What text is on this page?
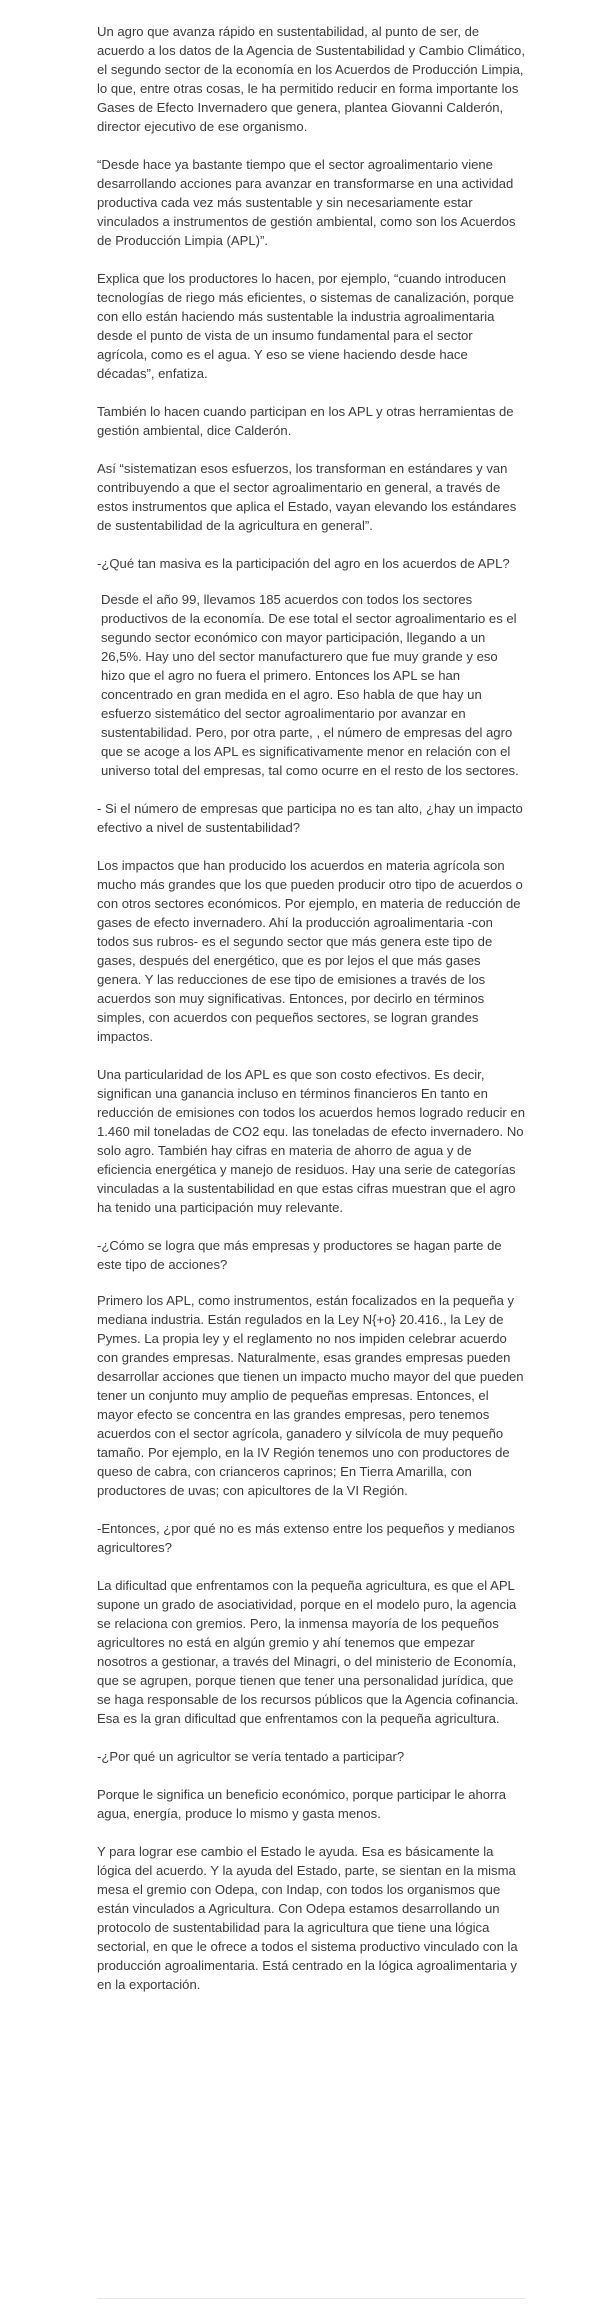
Un agro que avanza rápido en sustentabilidad, al punto de ser, de acuerdo a los datos de la Agencia de Sustentabilidad y Cambio Climático, el segundo sector de la economía en los Acuerdos de Producción Limpia, lo que, entre otras cosas, le ha permitido reducir en forma importante los Gases de Efecto Invernadero que genera, plantea Giovanni Calderón, director ejecutivo de ese organismo.

“Desde hace ya bastante tiempo que el sector agroalimentario viene desarrollando acciones para avanzar en transformarse en una actividad productiva cada vez más sustentable y sin necesariamente estar vinculados a instrumentos de gestión ambiental, como son los Acuerdos de Producción Limpia (APL)”.

Explica que los productores lo hacen, por ejemplo, “cuando introducen tecnologías de riego más eficientes, o sistemas de canalización, porque con ello están haciendo más sustentable la industria agroalimentaria desde el punto de vista de un insumo fundamental para el sector agrícola, como es el agua. Y eso se viene haciendo desde hace décadas”, enfatiza.

También lo hacen cuando participan en los APL y otras herramientas de gestión ambiental, dice Calderón.

Así “sistematizan esos esfuerzos, los transforman en estándares y van contribuyendo a que el sector agroalimentario en general, a través de estos instrumentos que aplica el Estado, vayan elevando los estándares de sustentabilidad de la agricultura en general”.

-¿Qué tan masiva es la participación del agro en los acuerdos de APL?

Desde el año 99, llevamos 185 acuerdos con todos los sectores productivos de la economía. De ese total el sector agroalimentario es el segundo sector económico con mayor participación, llegando a un 26,5%. Hay uno del sector manufacturero que fue muy grande y eso hizo que el agro no fuera el primero. Entonces los APL se han concentrado en gran medida en el agro. Eso habla de que hay un esfuerzo sistemático del sector agroalimentario por avanzar en sustentabilidad. Pero, por otra parte, , el número de empresas del agro que se acoge a los APL es significativamente menor en relación con el universo total del empresas, tal como ocurre en el resto de los sectores.

- Si el número de empresas que participa no es tan alto, ¿hay un impacto efectivo a nivel de sustentabilidad?

Los impactos que han producido los acuerdos en materia agrícola son mucho más grandes que los que pueden producir otro tipo de acuerdos o con otros sectores económicos. Por ejemplo, en materia de reducción de gases de efecto invernadero. Ahí la producción agroalimentaria -con todos sus rubros- es el segundo sector que más genera este tipo de gases, después del energético, que es por lejos el que más gases genera. Y las reducciones de ese tipo de emisiones a través de los acuerdos son muy significativas. Entonces, por decirlo en términos simples, con acuerdos con pequeños sectores, se logran grandes impactos.

Una particularidad de los APL es que son costo efectivos. Es decir, significan una ganancia incluso en términos financieros En tanto en reducción de emisiones con todos los acuerdos hemos logrado reducir en 1.460 mil toneladas de CO2 equ. las toneladas de efecto invernadero. No solo agro. También hay cifras en materia de ahorro de agua y de eficiencia energética y manejo de residuos. Hay una serie de categorías vinculadas a la sustentabilidad en que estas cifras muestran que el agro ha tenido una participación muy relevante.

-¿Cómo se logra que más empresas y productores se hagan parte de este tipo de acciones?

Primero los APL, como instrumentos, están focalizados en la pequeña y mediana industria. Están regulados en la Ley N{+o} 20.416., la Ley de Pymes. La propia ley y el reglamento no nos impiden celebrar acuerdo con grandes empresas. Naturalmente, esas grandes empresas pueden desarrollar acciones que tienen un impacto mucho mayor del que pueden tener un conjunto muy amplio de pequeñas empresas. Entonces, el mayor efecto se concentra en las grandes empresas, pero tenemos acuerdos con el sector agrícola, ganadero y silvícola de muy pequeño tamaño. Por ejemplo, en la IV Región tenemos uno con productores de queso de cabra, con crianceros caprinos; En Tierra Amarilla, con productores de uvas; con apicultores de la VI Región.

-Entonces, ¿por qué no es más extenso entre los pequeños y medianos agricultores?

La dificultad que enfrentamos con la pequeña agricultura, es que el APL supone un grado de asociatividad, porque en el modelo puro, la agencia se relaciona con gremios. Pero, la inmensa mayoría de los pequeños agricultores no está en algún gremio y ahí tenemos que empezar nosotros a gestionar, a través del Minagri, o del ministerio de Economía, que se agrupen, porque tienen que tener una personalidad jurídica, que se haga responsable de los recursos públicos que la Agencia cofinancia. Esa es la gran dificultad que enfrentamos con la pequeña agricultura.

-¿Por qué un agricultor se vería tentado a participar?

Porque le significa un beneficio económico, porque participar le ahorra agua, energía, produce lo mismo y gasta menos.

Y para lograr ese cambio el Estado le ayuda. Esa es básicamente la lógica del acuerdo. Y la ayuda del Estado, parte, se sientan en la misma mesa el gremio con Odepa, con Indap, con todos los organismos que están vinculados a Agricultura. Con Odepa estamos desarrollando un protocolo de sustentabilidad para la agricultura que tiene una lógica sectorial, en que le ofrece a todos el sistema productivo vinculado con la producción agroalimentaria. Está centrado en la lógica agroalimentaria y en la exportación.
